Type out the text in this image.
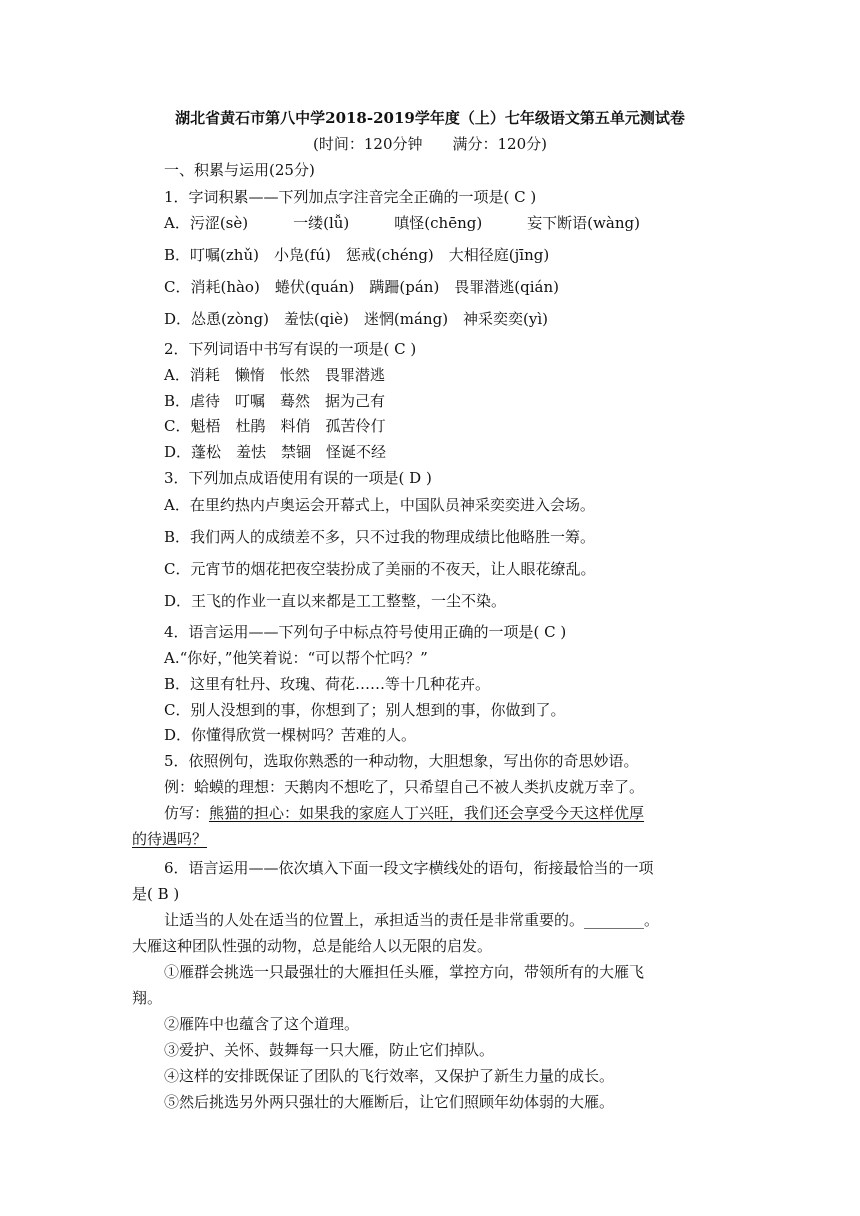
湖北省黄石市第八中学2018-2019学年度（上）七年级语文第五单元测试卷
(时间：120分钟　　满分：120分)
一、积累与运用(25分)
1．字词积累——下列加点字注音完全正确的一项是( C )
A．污涩(sè)　　　一缕(lǚ)　　　嗔怪(chēng)　　　妄下断语(wàng)
B．叮嘱(zhǔ)　小凫(fú)　惩戒(chéng)　大相径庭(jīng)
C．消耗(hào)　蜷伏(quán)　蹒跚(pán)　畏罪潜逃(qián)
D．怂恿(zòng)　羞怯(qiè)　迷惘(máng)　神采奕奕(yì)
2．下列词语中书写有误的一项是( C )
A．消耗　懒惰　怅然　畏罪潜逃
B．虐待　叮嘱　蓦然　据为己有
C．魁梧　杜鹃　料俏　孤苦伶仃
D．蓬松　羞怯　禁锢　怪诞不经
3．下列加点成语使用有误的一项是( D )
A．在里约热内卢奥运会开幕式上，中国队员神采奕奕进入会场。
B．我们两人的成绩差不多，只不过我的物理成绩比他略胜一筹。
C．元宵节的烟花把夜空装扮成了美丽的不夜天，让人眼花缭乱。
D．王飞的作业一直以来都是工工整整，一尘不染。
4．语言运用——下列句子中标点符号使用正确的一项是( C )
A.“你好，”他笑着说：“可以帮个忙吗？”
B．这里有牡丹、玫瑰、荷花……等十几种花卉。
C．别人没想到的事，你想到了；别人想到的事，你做到了。
D．你懂得欣赏一棵树吗？苦难的人。
5．依照例句，选取你熟悉的一种动物，大胆想象，写出你的奇思妙语。
例：蛤蟆的理想：天鹅肉不想吃了，只希望自己不被人类扒皮就万幸了。
仿写：熊猫的担心：如果我的家庭人丁兴旺，我们还会享受今天这样优厚
的待遇吗？
6．语言运用——依次填入下面一段文字横线处的语句，衔接最恰当的一项
是( B )
让适当的人处在适当的位置上，承担适当的责任是非常重要的。________。
大雁这种团队性强的动物，总是能给人以无限的启发。
①雁群会挑选一只最强壮的大雁担任头雁，掌控方向，带领所有的大雁飞
翔。
②雁阵中也蕴含了这个道理。
③爱护、关怀、鼓舞每一只大雁，防止它们掉队。
④这样的安排既保证了团队的飞行效率，又保护了新生力量的成长。
⑤然后挑选另外两只强壮的大雁断后，让它们照顾年幼体弱的大雁。
